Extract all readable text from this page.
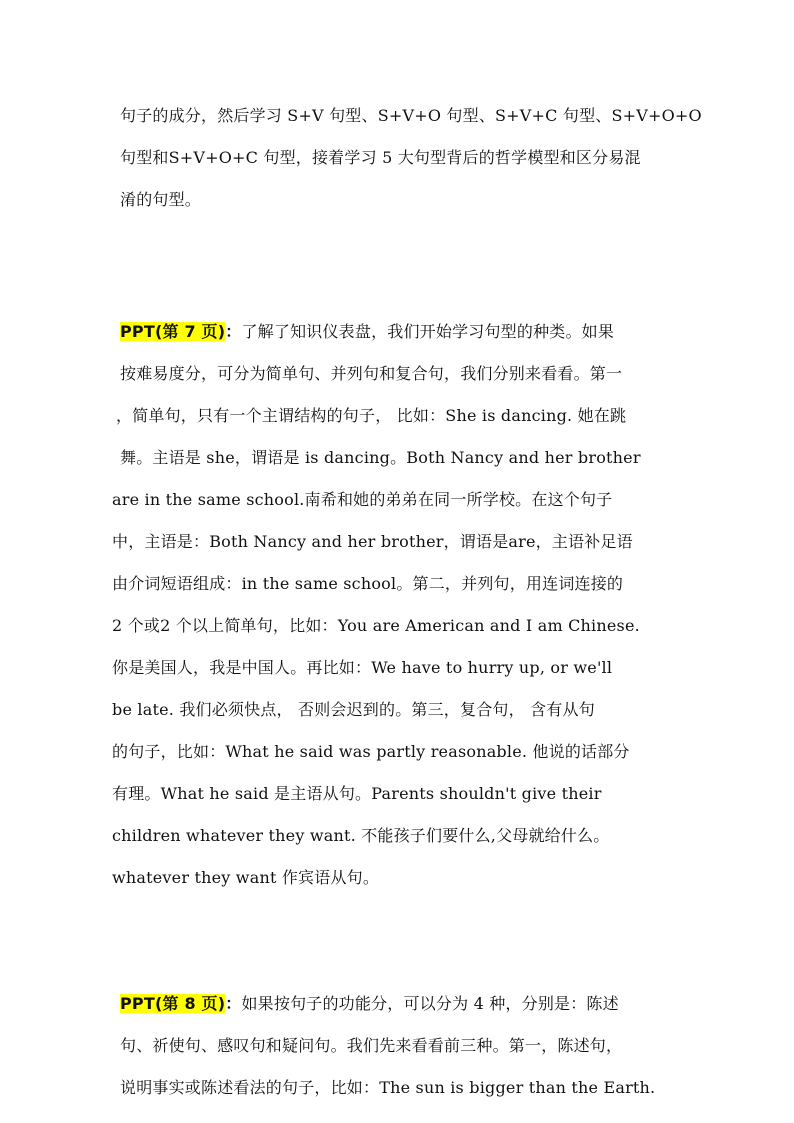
句子的成分，然后学习 S+V 句型、S+V+O 句型、S+V+C 句型、S+V+O+O
句型和S+V+O+C 句型，接着学习 5 大句型背后的哲学模型和区分易混
淆的句型。
PPT(第 7 页)：了解了知识仪表盘，我们开始学习句型的种类。如果
按难易度分，可分为简单句、并列句和复合句，我们分别来看看。第一
，简单句，只有一个主谓结构的句子， 比如：She is dancing. 她在跳
舞。主语是 she，谓语是 is dancing。Both Nancy and her brother
are in the same school.南希和她的弟弟在同一所学校。在这个句子
中，主语是：Both Nancy and her brother，谓语是are，主语补足语
由介词短语组成：in the same school。第二，并列句，用连词连接的
2 个或2 个以上简单句，比如：You are American and I am Chinese.
你是美国人，我是中国人。再比如：We have to hurry up, or we'll
be late. 我们必须快点， 否则会迟到的。第三，复合句， 含有从句
的句子，比如：What he said was partly reasonable. 他说的话部分
有理。What he said 是主语从句。Parents shouldn't give their
children whatever they want. 不能孩子们要什么,父母就给什么。
whatever they want 作宾语从句。
PPT(第 8 页)：如果按句子的功能分，可以分为 4 种，分别是：陈述
句、祈使句、感叹句和疑问句。我们先来看看前三种。第一，陈述句，
说明事实或陈述看法的句子，比如：The sun is bigger than the Earth.
